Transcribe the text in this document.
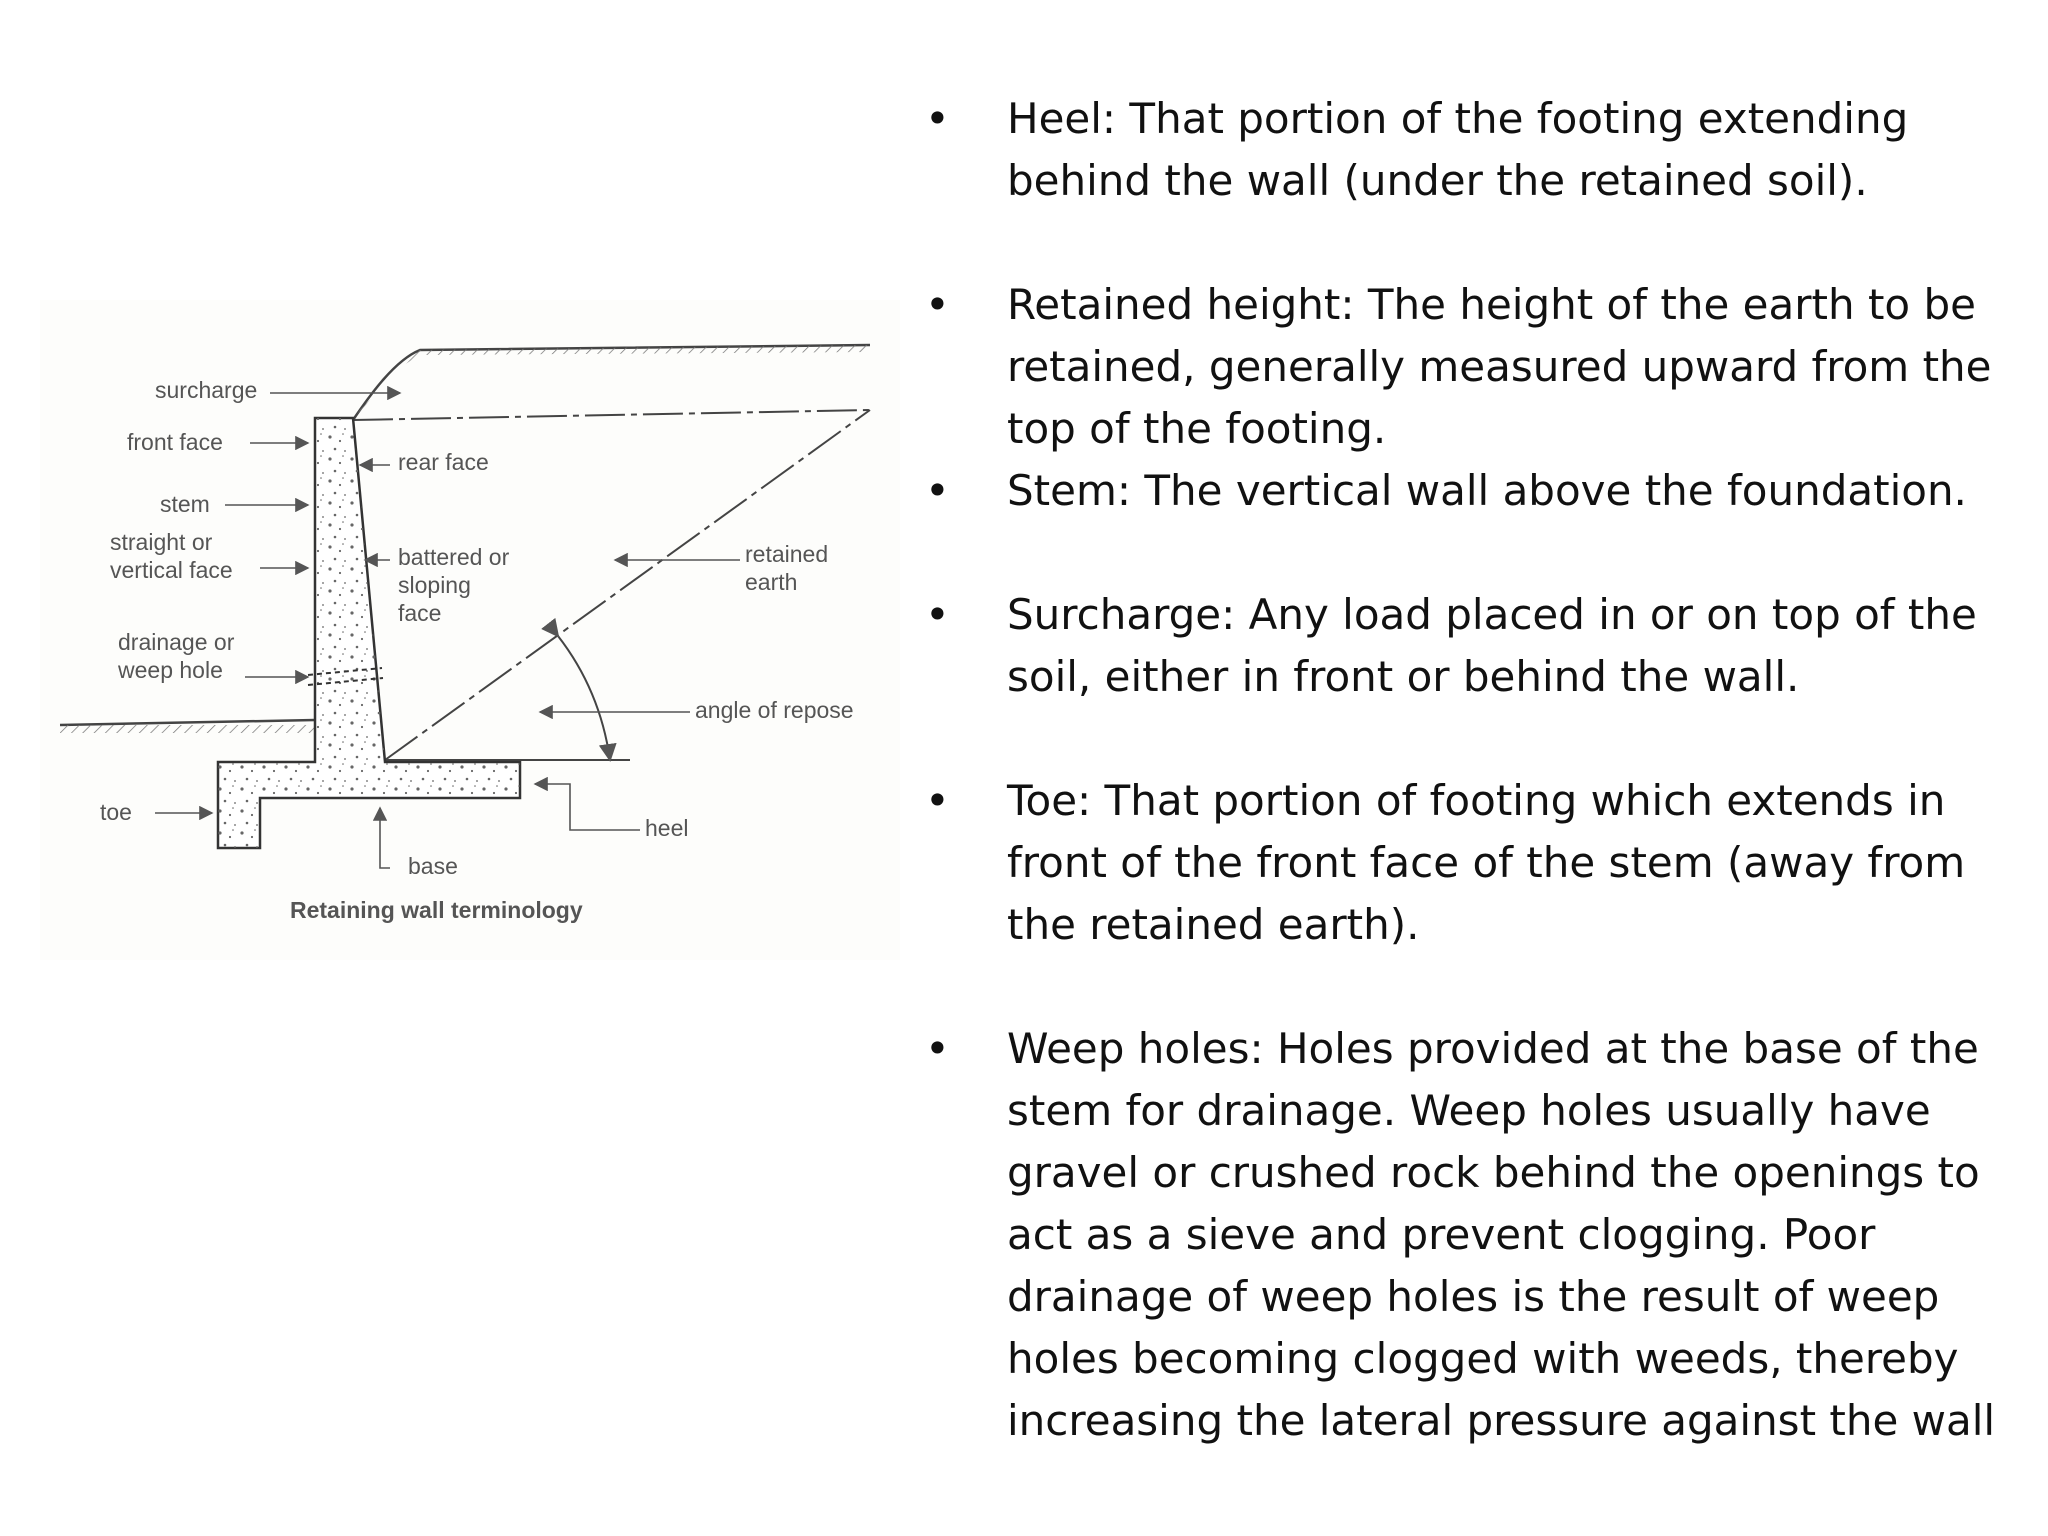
surcharge
front face
rear face
stem
straight or
vertical face	battered or
sloping
face
retained
earth
drainage or
weep hole
angle of repose
toe
heel
base
Retaining wall terminology
• Heel: That portion of the footing extending
behind the wall (under the retained soil).
• Retained height: The height of the earth to be
retained, generally measured upward from the
top of the footing.
• Stem: The vertical wall above the foundation.
• Surcharge: Any load placed in or on top of the
soil, either in front or behind the wall.
• Toe: That portion of footing which extends in
front of the front face of the stem (away from
the retained earth).
• Weep holes: Holes provided at the base of the
stem for drainage. Weep holes usually have
gravel or crushed rock behind the openings to
act as a sieve and prevent clogging. Poor
drainage of weep holes is the result of weep
holes becoming clogged with weeds, thereby
increasing the lateral pressure against the wall
